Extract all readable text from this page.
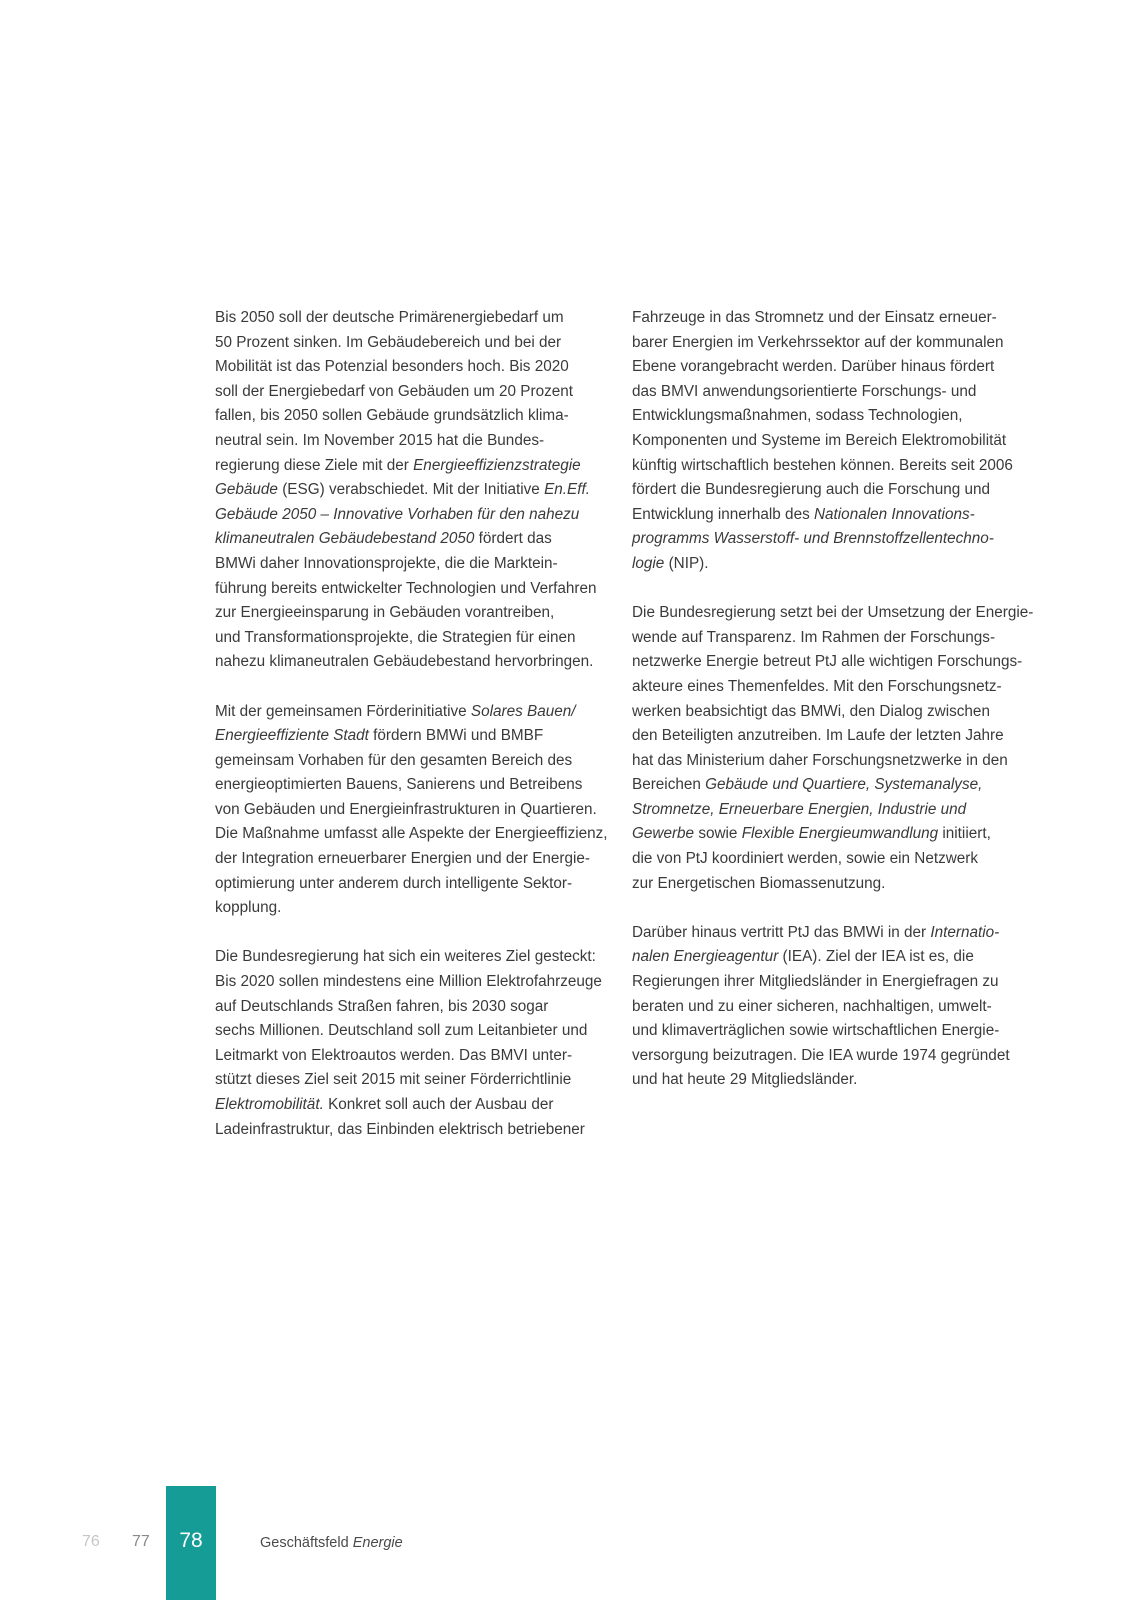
Bis 2050 soll der deutsche Primärenergiebedarf um
50 Prozent sinken. Im Gebäudebereich und bei der
Mobilität ist das Potenzial besonders hoch. Bis 2020
soll der Energiebedarf von Gebäuden um 20 Prozent
fallen, bis 2050 sollen Gebäude grundsätzlich klima-
neutral sein. Im November 2015 hat die Bundes-
regierung diese Ziele mit der Energieeffizienzstrategie
Gebäude (ESG) verabschiedet. Mit der Initiative En.Eff.
Gebäude 2050 – Innovative Vorhaben für den nahezu
klimaneutralen Gebäudebestand 2050 fördert das
BMWi daher Innovationsprojekte, die die Marktein-
führung bereits entwickelter Technologien und Verfahren
zur Energieeinsparung in Gebäuden vorantreiben,
und Transformationsprojekte, die Strategien für einen
nahezu klimaneutralen Gebäudebestand hervorbringen.
Mit der gemeinsamen Förderinitiative Solares Bauen/
Energieeffiziente Stadt fördern BMWi und BMBF
gemeinsam Vorhaben für den gesamten Bereich des
energieoptimierten Bauens, Sanierens und Betreibens
von Gebäuden und Energieinfrastrukturen in Quartieren.
Die Maßnahme umfasst alle Aspekte der Energieeffizienz,
der Integration erneuerbarer Energien und der Energie-
optimierung unter anderem durch intelligente Sektor-
kopplung.
Die Bundesregierung hat sich ein weiteres Ziel gesteckt:
Bis 2020 sollen mindestens eine Million Elektrofahrzeuge
auf Deutschlands Straßen fahren, bis 2030 sogar
sechs Millionen. Deutschland soll zum Leitanbieter und
Leitmarkt von Elektroautos werden. Das BMVI unter-
stützt dieses Ziel seit 2015 mit seiner Förderrichtlinie
Elektromobilität. Konkret soll auch der Ausbau der
Ladeinfrastruktur, das Einbinden elektrisch betriebener
Fahrzeuge in das Stromnetz und der Einsatz erneuer-
barer Energien im Verkehrssektor auf der kommunalen
Ebene vorangebracht werden. Darüber hinaus fördert
das BMVI anwendungsorientierte Forschungs- und
Entwicklungsmaßnahmen, sodass Technologien,
Komponenten und Systeme im Bereich Elektromobilität
künftig wirtschaftlich bestehen können. Bereits seit 2006
fördert die Bundesregierung auch die Forschung und
Entwicklung innerhalb des Nationalen Innovations-
programms Wasserstoff- und Brennstoffzellentechno-
logie (NIP).
Die Bundesregierung setzt bei der Umsetzung der Energie-
wende auf Transparenz. Im Rahmen der Forschungs-
netzwerke Energie betreut PtJ alle wichtigen Forschungs-
akteure eines Themenfeldes. Mit den Forschungsnetz-
werken beabsichtigt das BMWi, den Dialog zwischen
den Beteiligten anzutreiben. Im Laufe der letzten Jahre
hat das Ministerium daher Forschungsnetzwerke in den
Bereichen Gebäude und Quartiere, Systemanalyse,
Stromnetze, Erneuerbare Energien, Industrie und
Gewerbe sowie Flexible Energieumwandlung initiiert,
die von PtJ koordiniert werden, sowie ein Netzwerk
zur Energetischen Biomassenutzung.
Darüber hinaus vertritt PtJ das BMWi in der Internatio-
nalen Energieagentur (IEA). Ziel der IEA ist es, die
Regierungen ihrer Mitgliedsländer in Energiefragen zu
beraten und zu einer sicheren, nachhaltigen, umwelt-
und klimaverträglichen sowie wirtschaftlichen Energie-
versorgung beizutragen. Die IEA wurde 1974 gegründet
und hat heute 29 Mitgliedsländer.
76 77	78	Geschäftsfeld Energie
